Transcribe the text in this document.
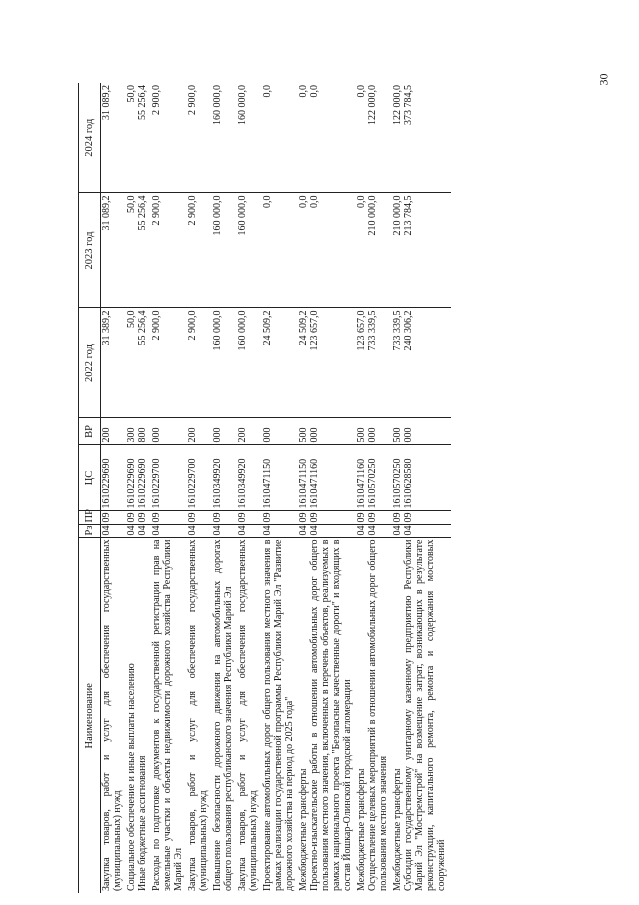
30
Наименование	Рз	ПР	ЦС	ВР	2022 год	2023 год	2024 год
Закупка товаров, работ и услуг для обеспечения государственных (муниципальных) нужд	04	09	1610229690	200	31 389,2	31 089,2	31 089,2

Социальное обеспечение и иные выплаты населению	04	09	1610229690	300	50,0	50,0	50,0
Иные бюджетные ассигнования	04	09	1610229690	800	55 256,4	55 256,4	55 256,4

Расходы по подготовке документов к государственной регистрации прав на земельные участки и объекты недвижимости дорожного хозяйства Республики Марий Эл	04	09	1610229700	000	2 900,0	2 900,0	2 900,0

Закупка товаров, работ и услуг для обеспечения государственных (муниципальных) нужд	04	09	1610229700	200	2 900,0	2 900,0	2 900,0

Повышение безопасности дорожного движения на автомобильных дорогах общего пользования республиканского значения Республики Марий Эл	04	09	1610349920	000	160 000,0	160 000,0	160 000,0

Закупка товаров, работ и услуг для обеспечения государственных (муниципальных) нужд	04	09	1610349920	200	160 000,0	160 000,0	160 000,0

Проектирование автомобильных дорог общего пользования местного значения в рамках реализации государственной программы Республики Марий Эл "Развитие дорожного хозяйства на период до 2025 года"	04	09	1610471150	000	24 509,2	0,0	0,0

Межбюджетные трансферты	04	09	1610471150	500	24 509,2	0,0	0,0
Проектно-изыскательские работы в отношении автомобильных дорог общего пользования местного значения, включенных в перечень объектов, реализуемых в рамках национального проекта "Безопасные качественные дороги" и входящих в состав Йошкар-Олинской городской агломерации	04	09	1610471160	000	123 657,0	0,0	0,0

Межбюджетные трансферты	04	09	1610471160	500	123 657,0	0,0	0,0
Осуществление целевых мероприятий в отношении автомобильных дорог общего пользования местного значения	04	09	1610570250	000	733 339,5	210 000,0	122 000,0

Межбюджетные трансферты	04	09	1610570250	500	733 339,5	210 000,0	122 000,0
Субсидии государственному унитарному казенному предприятию Республики Марий Эл "Мостремстрой" на возмещение затрат, возникающих в результате реконструкции, капитального ремонта, ремонта и содержания мостовых сооружений	04	09	1610628580	000	240 306,2	213 784,5	373 784,5
